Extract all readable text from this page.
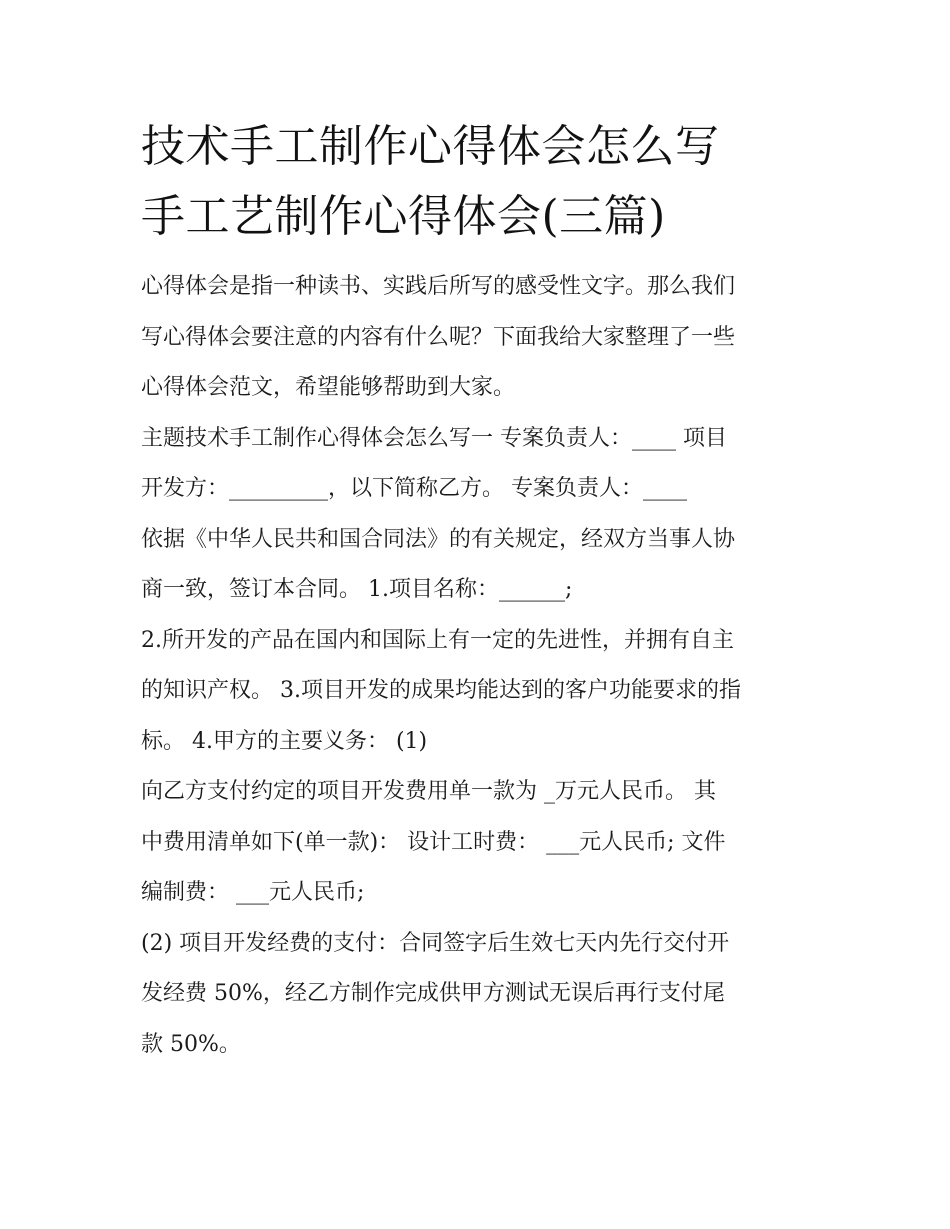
技术手工制作心得体会怎么写
手工艺制作心得体会(三篇)

心得体会是指一种读书、实践后所写的感受性文字。那么我们
写心得体会要注意的内容有什么呢？下面我给大家整理了一些
心得体会范文，希望能够帮助到大家。

主题技术手工制作心得体会怎么写一 专案负责人：____ 项目
开发方：_________，以下简称乙方。 专案负责人：____

依据《中华人民共和国合同法》的有关规定，经双方当事人协
商一致，签订本合同。 1.项目名称：______;

2.所开发的产品在国内和国际上有一定的先进性，并拥有自主
的知识产权。 3.项目开发的成果均能达到的客户功能要求的指
标。 4.甲方的主要义务： (1)

向乙方支付约定的项目开发费用单一款为 _万元人民币。 其
中费用清单如下(单一款)： 设计工时费： ___元人民币; 文件
编制费： ___元人民币;

(2) 项目开发经费的支付：合同签字后生效七天内先行交付开
发经费 50%，经乙方制作完成供甲方测试无误后再行支付尾
款 50%。
